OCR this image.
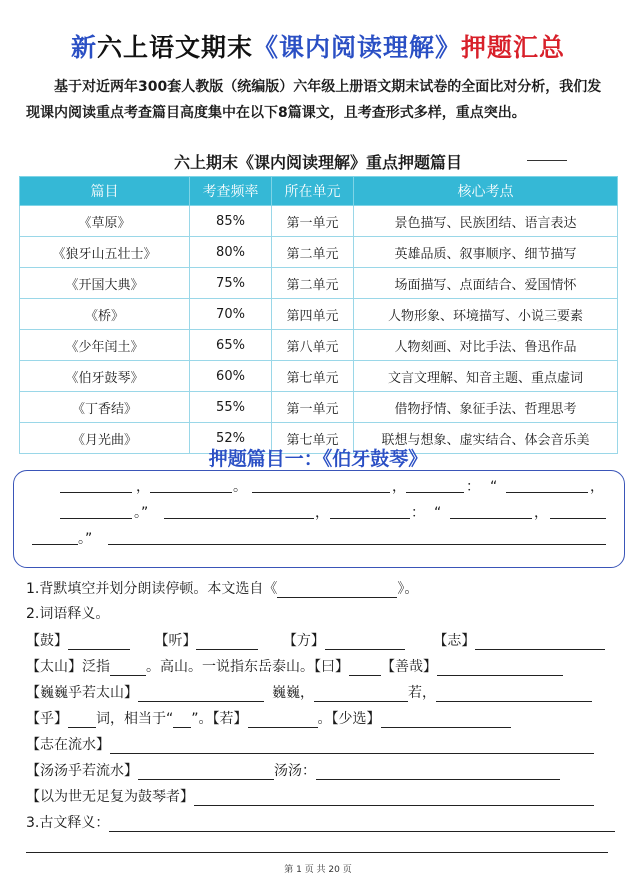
新六上语文期末《课内阅读理解》押题汇总
基于对近两年300套人教版（统编版）六年级上册语文期末试卷的全面比对分析，我们发现课内阅读重点考查篇目高度集中在以下8篇课文，且考查形式多样，重点突出。
六上期末《课内阅读理解》重点押题篇目
篇目	考查频率	所在单元	核心考点
《草原》	85%	第一单元	景色描写、民族团结、语言表达
《狼牙山五壮士》	80%	第二单元	英雄品质、叙事顺序、细节描写
《开国大典》	75%	第二单元	场面描写、点面结合、爱国情怀
《桥》	70%	第四单元	人物形象、环境描写、小说三要素
《少年闰土》	65%	第八单元	人物刻画、对比手法、鲁迅作品
《伯牙鼓琴》	60%	第七单元	文言文理解、知音主题、重点虚词
《丁香结》	55%	第一单元	借物抒情、象征手法、哲理思考
《月光曲》	52%	第七单元	联想与想象、虚实结合、体会音乐美
押题篇目一：《伯牙鼓琴》
，	。	，	： “	，
。”	，	： “	，
。”
1.背默填空并划分朗读停顿。本文选自《	》。
2.词语释义。
【鼓】	【听】	【方】	【志】
【太山】泛指	。高山。一说指东岳泰山。【曰】 【善哉】
【巍巍乎若太山】	巍巍，	若，
【乎】 词，相当于“ ”。【若】	。【少选】
【志在流水】
【汤汤乎若流水】	汤汤：
【以为世无足复为鼓琴者】
3.古文释义：
第 1 页 共 20 页
